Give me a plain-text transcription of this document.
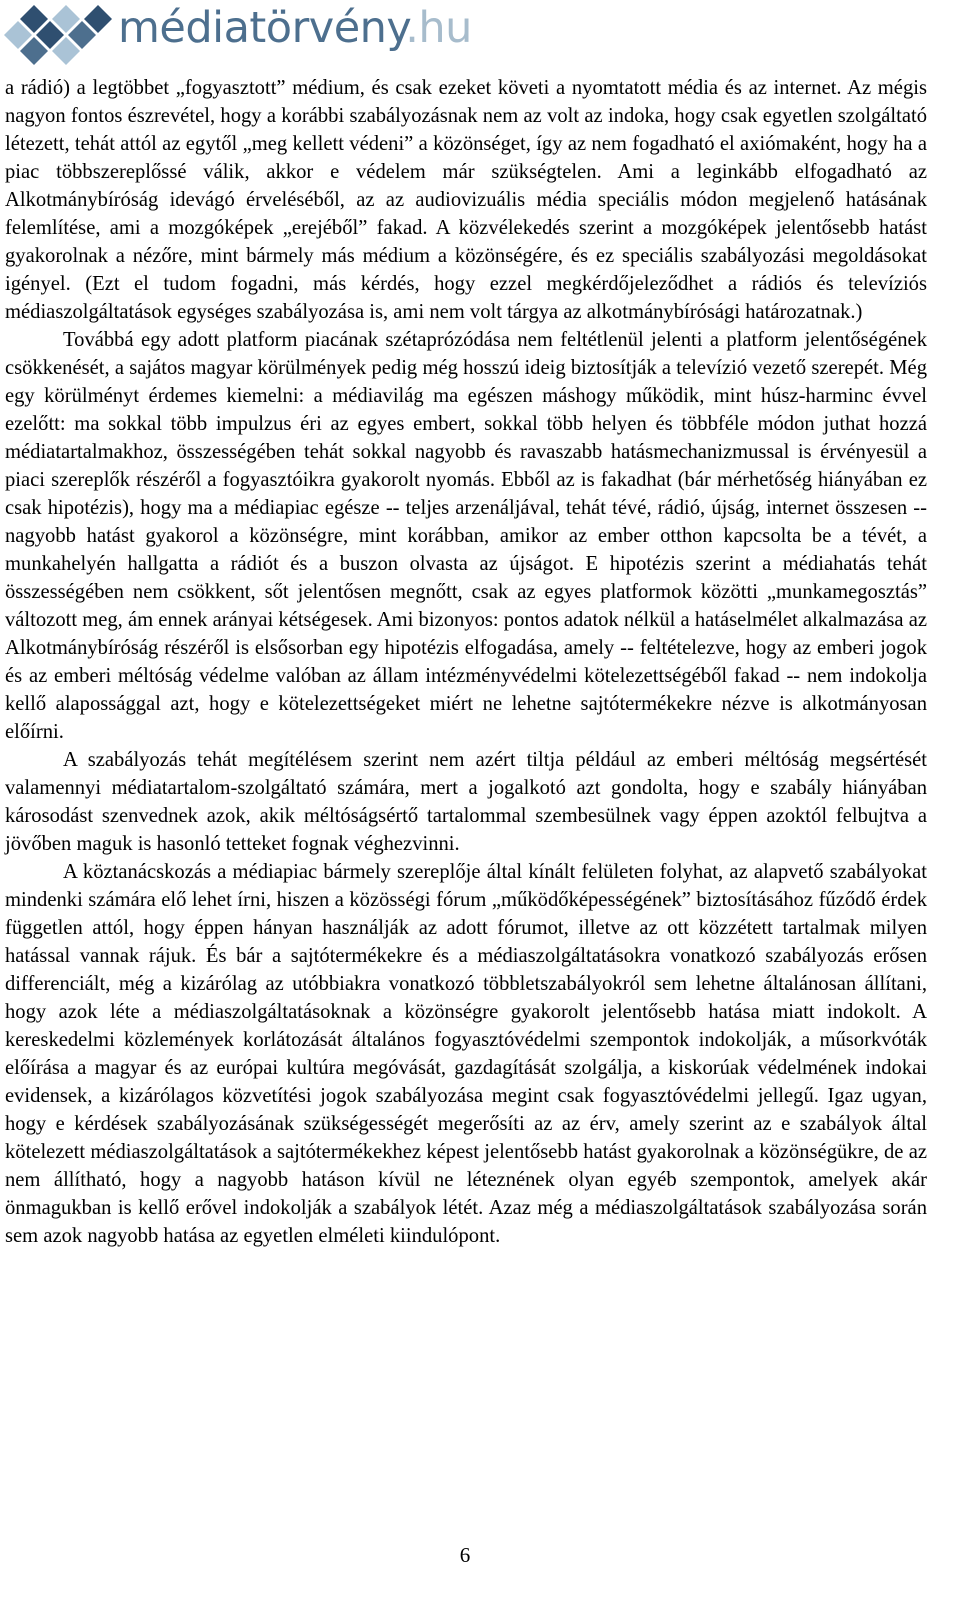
médiatörvény.hu

a rádió) a legtöbbet „fogyasztott” médium, és csak ezeket követi a nyomtatott média és az internet. Az mégis nagyon fontos észrevétel, hogy a korábbi szabályozásnak nem az volt az indoka, hogy csak egyetlen szolgáltató létezett, tehát attól az egytől „meg kellett védeni” a közönséget, így az nem fogadható el axiómaként, hogy ha a piac többszereplőssé válik, akkor e védelem már szükségtelen. Ami a leginkább elfogadható az Alkotmánybíróság idevágó érveléséből, az az audiovizuális média speciális módon megjelenő hatásának felemlítése, ami a mozgóképek „erejéből” fakad. A közvélekedés szerint a mozgóképek jelentősebb hatást gyakorolnak a nézőre, mint bármely más médium a közönségére, és ez speciális szabályozási megoldásokat igényel. (Ezt el tudom fogadni, más kérdés, hogy ezzel megkérdőjeleződhet a rádiós és televíziós médiaszolgáltatások egységes szabályozása is, ami nem volt tárgya az alkotmánybírósági határozatnak.)

Továbbá egy adott platform piacának szétaprózódása nem feltétlenül jelenti a platform jelentőségének csökkenését, a sajátos magyar körülmények pedig még hosszú ideig biztosítják a televízió vezető szerepét. Még egy körülményt érdemes kiemelni: a médiavilág ma egészen máshogy működik, mint húsz-harminc évvel ezelőtt: ma sokkal több impulzus éri az egyes embert, sokkal több helyen és többféle módon juthat hozzá médiatartalmakhoz, összességében tehát sokkal nagyobb és ravaszabb hatásmechanizmussal is érvényesül a piaci szereplők részéről a fogyasztóikra gyakorolt nyomás. Ebből az is fakadhat (bár mérhetőség hiányában ez csak hipotézis), hogy ma a médiapiac egésze -- teljes arzenáljával, tehát tévé, rádió, újság, internet összesen -- nagyobb hatást gyakorol a közönségre, mint korábban, amikor az ember otthon kapcsolta be a tévét, a munkahelyén hallgatta a rádiót és a buszon olvasta az újságot. E hipotézis szerint a médiahatás tehát összességében nem csökkent, sőt jelentősen megnőtt, csak az egyes platformok közötti „munkamegosztás” változott meg, ám ennek arányai kétségesek. Ami bizonyos: pontos adatok nélkül a hatáselmélet alkalmazása az Alkotmánybíróság részéről is elsősorban egy hipotézis elfogadása, amely -- feltételezve, hogy az emberi jogok és az emberi méltóság védelme valóban az állam intézményvédelmi kötelezettségéből fakad -- nem indokolja kellő alapossággal azt, hogy e kötelezettségeket miért ne lehetne sajtótermékekre nézve is alkotmányosan előírni.

A szabályozás tehát megítélésem szerint nem azért tiltja például az emberi méltóság megsértését valamennyi médiatartalom-szolgáltató számára, mert a jogalkotó azt gondolta, hogy e szabály hiányában károsodást szenvednek azok, akik méltóságsértő tartalommal szembesülnek vagy éppen azoktól felbujtva a jövőben maguk is hasonló tetteket fognak véghezvinni.

A köztanácskozás a médiapiac bármely szereplője által kínált felületen folyhat, az alapvető szabályokat mindenki számára elő lehet írni, hiszen a közösségi fórum „működőképességének” biztosításához fűződő érdek független attól, hogy éppen hányan használják az adott fórumot, illetve az ott közzétett tartalmak milyen hatással vannak rájuk. És bár a sajtótermékekre és a médiaszolgáltatásokra vonatkozó szabályozás erősen differenciált, még a kizárólag az utóbbiakra vonatkozó többletszabályokról sem lehetne általánosan állítani, hogy azok léte a médiaszolgáltatásoknak a közönségre gyakorolt jelentősebb hatása miatt indokolt. A kereskedelmi közlemények korlátozását általános fogyasztóvédelmi szempontok indokolják, a műsorkvóták előírása a magyar és az európai kultúra megóvását, gazdagítását szolgálja, a kiskorúak védelmének indokai evidensek, a kizárólagos közvetítési jogok szabályozása megint csak fogyasztóvédelmi jellegű. Igaz ugyan, hogy e kérdések szabályozásának szükségességét megerősíti az az érv, amely szerint az e szabályok által kötelezett médiaszolgáltatások a sajtótermékekhez képest jelentősebb hatást gyakorolnak a közönségükre, de az nem állítható, hogy a nagyobb hatáson kívül ne léteznének olyan egyéb szempontok, amelyek akár önmagukban is kellő erővel indokolják a szabályok létét. Azaz még a médiaszolgáltatások szabályozása során sem azok nagyobb hatása az egyetlen elméleti kiindulópont.

6
